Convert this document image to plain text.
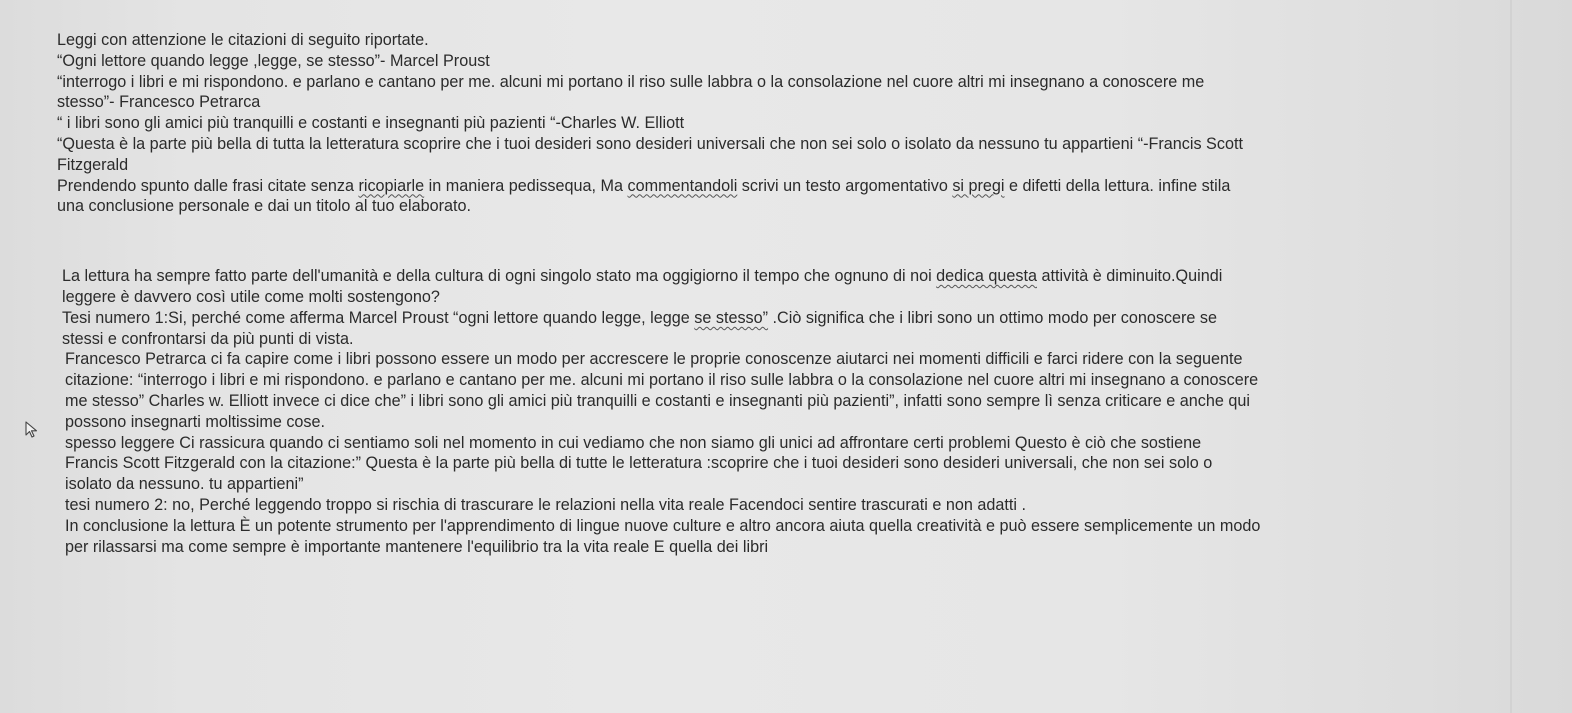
Leggi con attenzione le citazioni di seguito riportate.

“Ogni lettore quando legge ,legge, se stesso”- Marcel Proust

“interrogo i libri e mi rispondono. e parlano e cantano per me. alcuni mi portano il riso sulle labbra o la consolazione nel cuore altri mi insegnano a conoscere me

stesso”- Francesco Petrarca

“ i libri sono gli amici più tranquilli e costanti e insegnanti più pazienti “-Charles W. Elliott

“Questa è la parte più bella di tutta la letteratura scoprire che i tuoi desideri sono desideri universali che non sei solo o isolato da nessuno tu appartieni “-Francis Scott

Fitzgerald

Prendendo spunto dalle frasi citate senza ricopiarle in maniera pedissequa, Ma commentandoli scrivi un testo argomentativo si pregi e difetti della lettura. infine stila

una conclusione personale e dai un titolo al tuo elaborato.

La lettura ha sempre fatto parte dell'umanità e della cultura di ogni singolo stato ma oggigiorno il tempo che ognuno di noi dedica questa attività è diminuito.Quindi

leggere è davvero così utile come molti sostengono?

Tesi numero 1:Si, perché come afferma Marcel Proust “ogni lettore quando legge, legge se stesso” .Ciò significa che i libri sono un ottimo modo per conoscere se

stessi e confrontarsi da più punti di vista.

Francesco Petrarca ci fa capire come i libri possono essere un modo per accrescere le proprie conoscenze aiutarci nei momenti difficili e farci ridere con la seguente

citazione: “interrogo i libri e mi rispondono. e parlano e cantano per me. alcuni mi portano il riso sulle labbra o la consolazione nel cuore altri mi insegnano a conoscere

me stesso” Charles w. Elliott invece ci dice che” i libri sono gli amici più tranquilli e costanti e insegnanti più pazienti”, infatti sono sempre lì senza criticare e anche qui

possono insegnarti moltissime cose.

spesso leggere Ci rassicura quando ci sentiamo soli nel momento in cui vediamo che non siamo gli unici ad affrontare certi problemi Questo è ciò che sostiene

Francis Scott Fitzgerald con la citazione:” Questa è la parte più bella di tutte le letteratura :scoprire che i tuoi desideri sono desideri universali, che non sei solo o

isolato da nessuno. tu appartieni”

tesi numero 2: no, Perché leggendo troppo si rischia di trascurare le relazioni nella vita reale Facendoci sentire trascurati e non adatti .

In conclusione la lettura È un potente strumento per l'apprendimento di lingue nuove culture e altro ancora aiuta quella creatività e può essere semplicemente un modo

per rilassarsi ma come sempre è importante mantenere l'equilibrio tra la vita reale E quella dei libri
